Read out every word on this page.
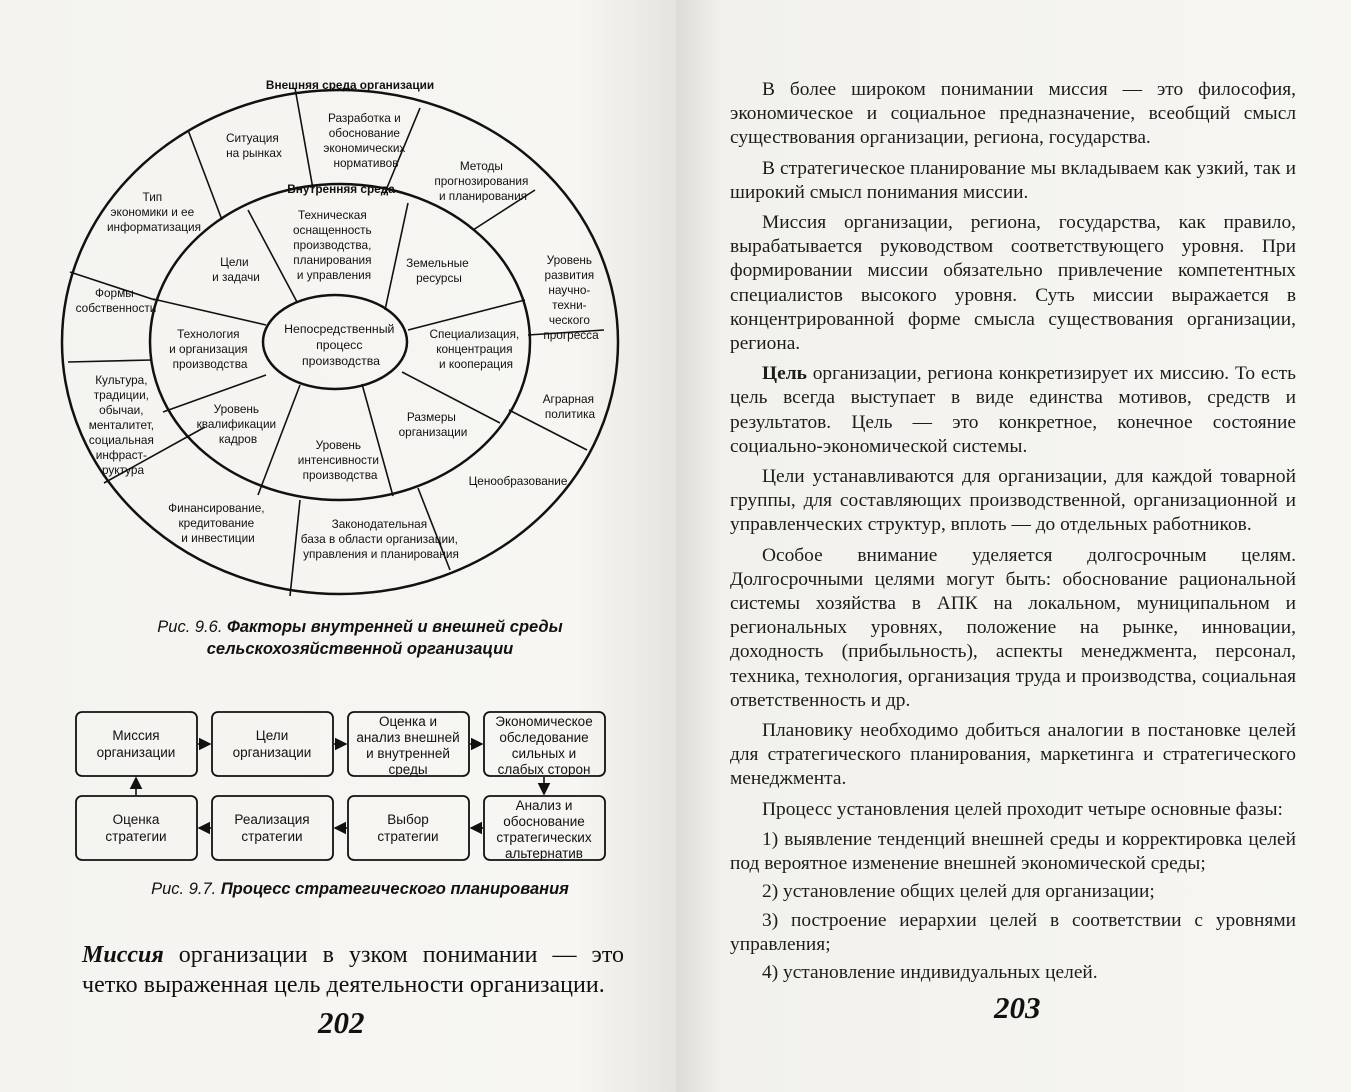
Внешняя среда организации
Внутренняя среда
Непосредственный процесс производства
Техническая оснащенность производства, планирования и управления
Земельные ресурсы
Специализация, концентрация и кооперация
Размеры организации
Уровень интенсивности производства
Уровень квалификации кадров
Технология и организация производства
Цели и задачи
Разработка и обоснование экономических нормативов	Методы прогнозирования и планирования
Уровень развития научно- техни- ческого прогресса
Аграрная политика
Ценообразование
Законодательная база в области организации, управления и планирования
Финансирование, кредитование и инвестиции
Культура, традиции, обычаи, менталитет, социальная инфраст- руктура
Формы собственности
Тип экономики и ее информатизация
Ситуация на рынках
Рис. 9.6. Факторы внутренней и внешней среды
сельскохозяйственной организации
Миссия организации
Цели организации
Оценка и анализ внешней и внутренней среды
Экономическое обследование сильных и слабых сторон
Оценка стратегии
Реализация стратегии
Выбор стратегии
Анализ и обоснование стратегических альтернатив
Рис. 9.7. Процесс стратегического планирования
Миссия организации в узком понимании — это четко выраженная цель деятельности организации.
202

В более широком понимании миссия — это философия, экономическое и социальное предназначение, всеобщий смысл существования организации, региона, государства.

В стратегическое планирование мы вкладываем как узкий, так и широкий смысл понимания миссии.

Миссия организации, региона, государства, как правило, вырабатывается руководством соответствующего уровня. При формировании миссии обязательно привлечение компетентных специалистов высокого уровня. Суть миссии выражается в концентрированной форме смысла существования организации, региона.

Цель организации, региона конкретизирует их миссию. То есть цель всегда выступает в виде единства мотивов, средств и результатов. Цель — это конкретное, конечное состояние социально-экономической системы.

Цели устанавливаются для организации, для каждой товарной группы, для составляющих производственной, организационной и управленческих структур, вплоть — до отдельных работников.

Особое внимание уделяется долгосрочным целям. Долгосрочными целями могут быть: обоснование рациональной системы хозяйства в АПК на локальном, муниципальном и региональных уровнях, положение на рынке, инновации, доходность (прибыльность), аспекты менеджмента, персонал, техника, технология, организация труда и производства, социальная ответственность и др.

Плановику необходимо добиться аналогии в постановке целей для стратегического планирования, маркетинга и стратегического менеджмента.

Процесс установления целей проходит четыре основные фазы:

1) выявление тенденций внешней среды и корректировка целей под вероятное изменение внешней экономической среды;

2) установление общих целей для организации;

3) построение иерархии целей в соответствии с уровнями управления;

4) установление индивидуальных целей.

203
